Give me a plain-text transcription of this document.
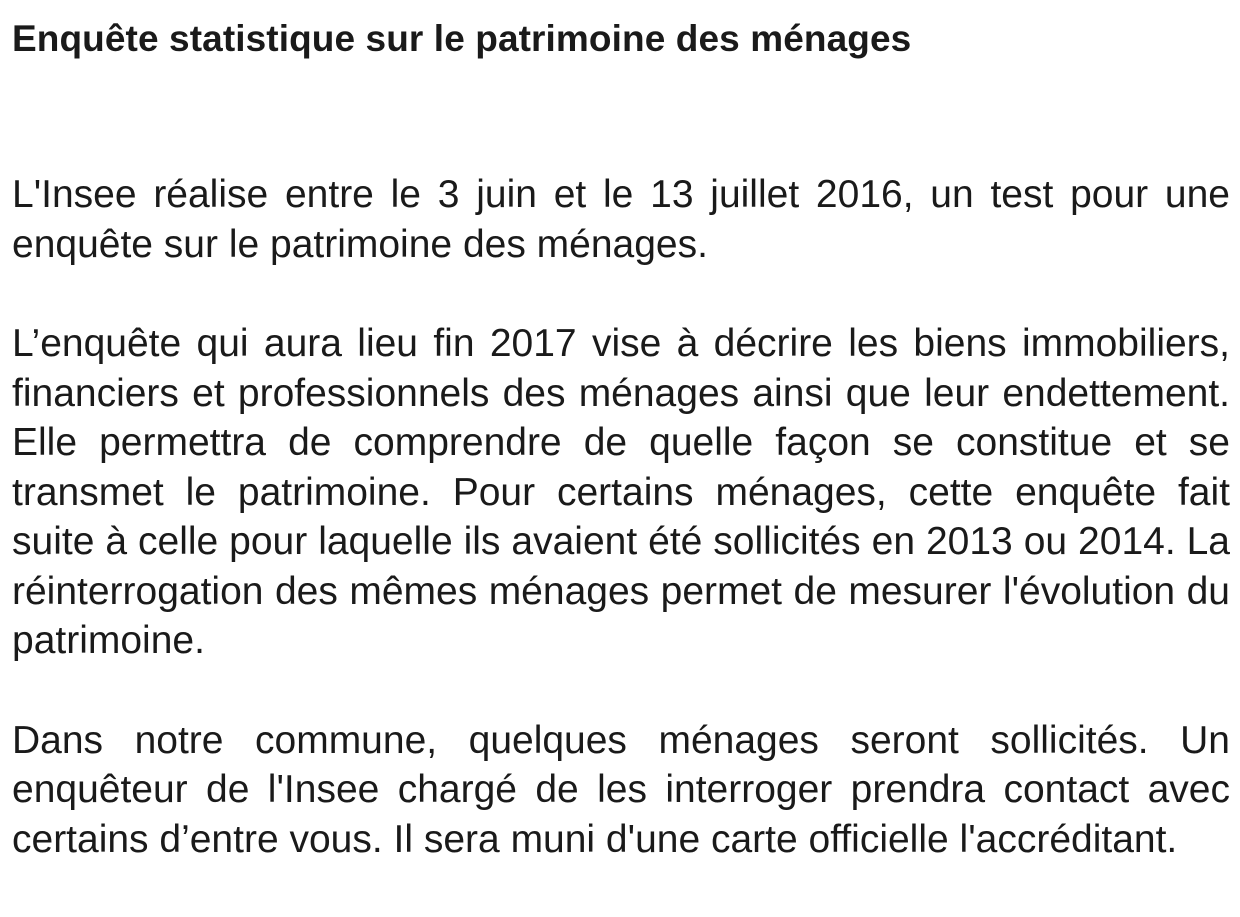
Enquête statistique sur le patrimoine des ménages

L'Insee réalise entre le 3 juin et le 13 juillet 2016, un test pour une enquête sur le patrimoine des ménages.

L’enquête qui aura lieu fin 2017 vise à décrire les biens immobiliers, financiers et professionnels des ménages ainsi que leur endettement. Elle permettra de comprendre de quelle façon se constitue et se transmet le patrimoine. Pour certains ménages, cette enquête fait suite à celle pour laquelle ils avaient été sollicités en 2013 ou 2014. La réinterrogation des mêmes ménages permet de mesurer l'évolution du patrimoine.

Dans notre commune, quelques ménages seront sollicités. Un enquêteur de l'Insee chargé de les interroger prendra contact avec certains d’entre vous. Il sera muni d'une carte officielle l'accréditant.
